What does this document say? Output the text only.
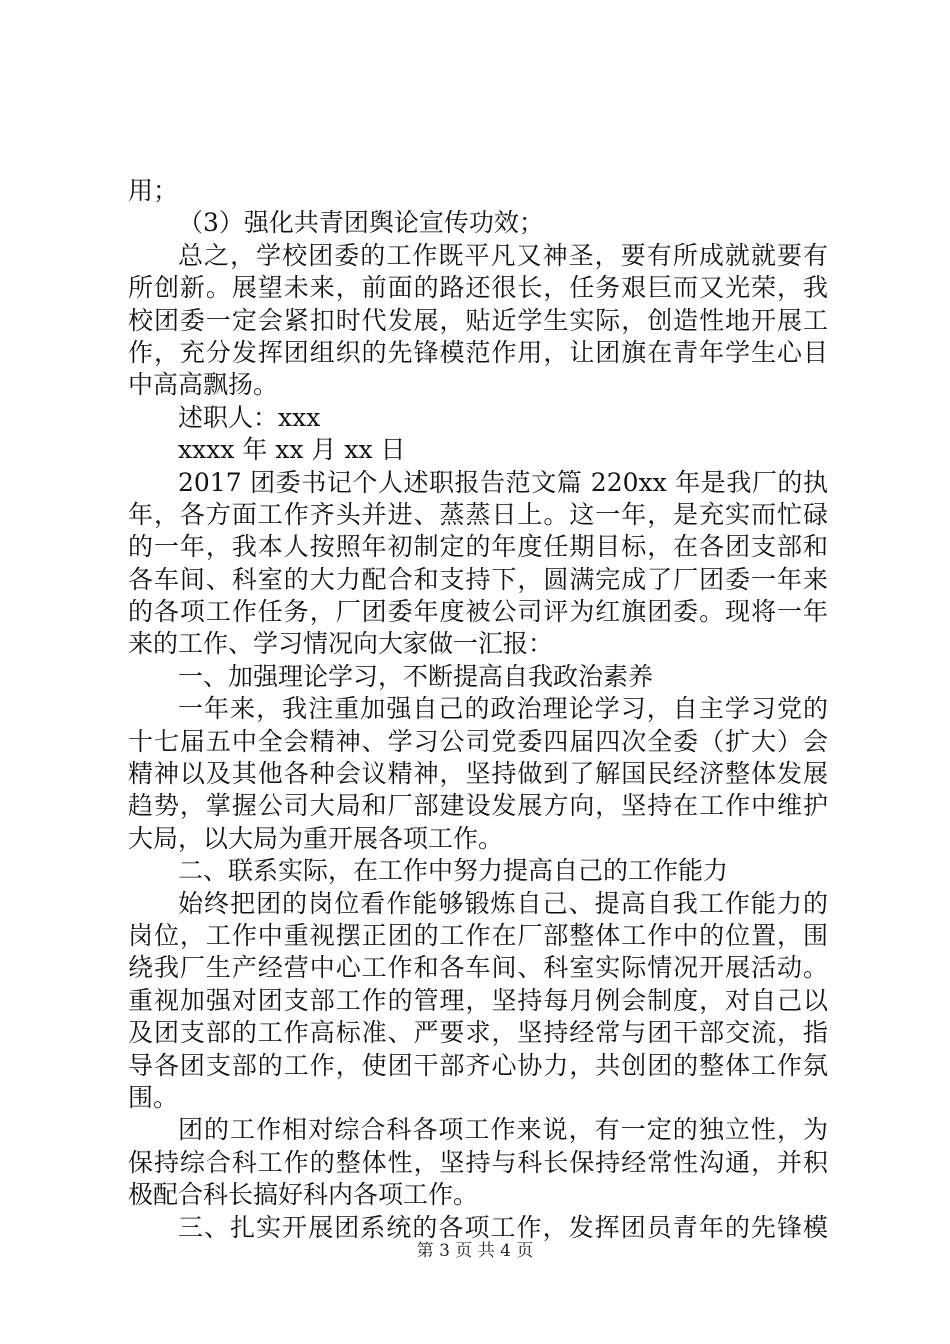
用；
（3）强化共青团舆论宣传功效；
总之，学校团委的工作既平凡又神圣，要有所成就就要有
所创新。展望未来，前面的路还很长，任务艰巨而又光荣，我
校团委一定会紧扣时代发展，贴近学生实际，创造性地开展工
作，充分发挥团组织的先锋模范作用，让团旗在青年学生心目
中高高飘扬。
述职人：xxx
xxxx 年 xx 月 xx 日
2017 团委书记个人述职报告范文篇 220xx 年是我厂的执
年，各方面工作齐头并进、蒸蒸日上。这一年，是充实而忙碌
的一年，我本人按照年初制定的年度任期目标，在各团支部和
各车间、科室的大力配合和支持下，圆满完成了厂团委一年来
的各项工作任务，厂团委年度被公司评为红旗团委。现将一年
来的工作、学习情况向大家做一汇报：
一、加强理论学习，不断提高自我政治素养
一年来，我注重加强自己的政治理论学习，自主学习党的
十七届五中全会精神、学习公司党委四届四次全委（扩大）会
精神以及其他各种会议精神，坚持做到了解国民经济整体发展
趋势，掌握公司大局和厂部建设发展方向，坚持在工作中维护
大局，以大局为重开展各项工作。
二、联系实际，在工作中努力提高自己的工作能力
始终把团的岗位看作能够锻炼自己、提高自我工作能力的
岗位，工作中重视摆正团的工作在厂部整体工作中的位置，围
绕我厂生产经营中心工作和各车间、科室实际情况开展活动。
重视加强对团支部工作的管理，坚持每月例会制度，对自己以
及团支部的工作高标准、严要求，坚持经常与团干部交流，指
导各团支部的工作，使团干部齐心协力，共创团的整体工作氛
围。
团的工作相对综合科各项工作来说，有一定的独立性，为
保持综合科工作的整体性，坚持与科长保持经常性沟通，并积
极配合科长搞好科内各项工作。
三、扎实开展团系统的各项工作，发挥团员青年的先锋模
第 3 页 共 4 页
